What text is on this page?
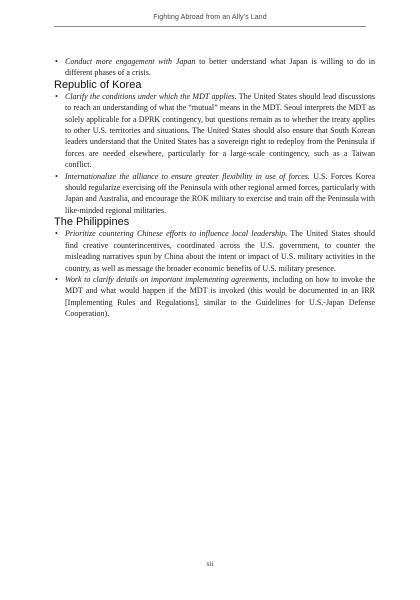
Fighting Abroad from an Ally’s Land
• Conduct more engagement with Japan to better understand what Japan is willing to do in different phases of a crisis.
Republic of Korea
• Clarify the conditions under which the MDT applies. The United States should lead discussions to reach an understanding of what the “mutual” means in the MDT. Seoul interprets the MDT as solely applicable for a DPRK contingency, but questions remain as to whether the treaty applies to other U.S. territories and situations. The United States should also ensure that South Korean leaders understand that the United States has a sovereign right to redeploy from the Peninsula if forces are needed elsewhere, particularly for a large-scale contingency, such as a Taiwan conflict.
• Internationalize the alliance to ensure greater flexibility in use of forces. U.S. Forces Korea should regularize exercising off the Peninsula with other regional armed forces, particularly with Japan and Australia, and encourage the ROK military to exercise and train off the Peninsula with like-minded regional militaries.
The Philippines
• Prioritize countering Chinese efforts to influence local leadership. The United States should find creative counterincentives, coordinated across the U.S. government, to counter the misleading narratives spun by China about the intent or impact of U.S. military activities in the country, as well as message the broader economic benefits of U.S. military presence.
• Work to clarify details on important implementing agreements, including on how to invoke the MDT and what would happen if the MDT is invoked (this would be documented in an IRR [Implementing Rules and Regulations], similar to the Guidelines for U.S.-Japan Defense Cooperation).
xii
